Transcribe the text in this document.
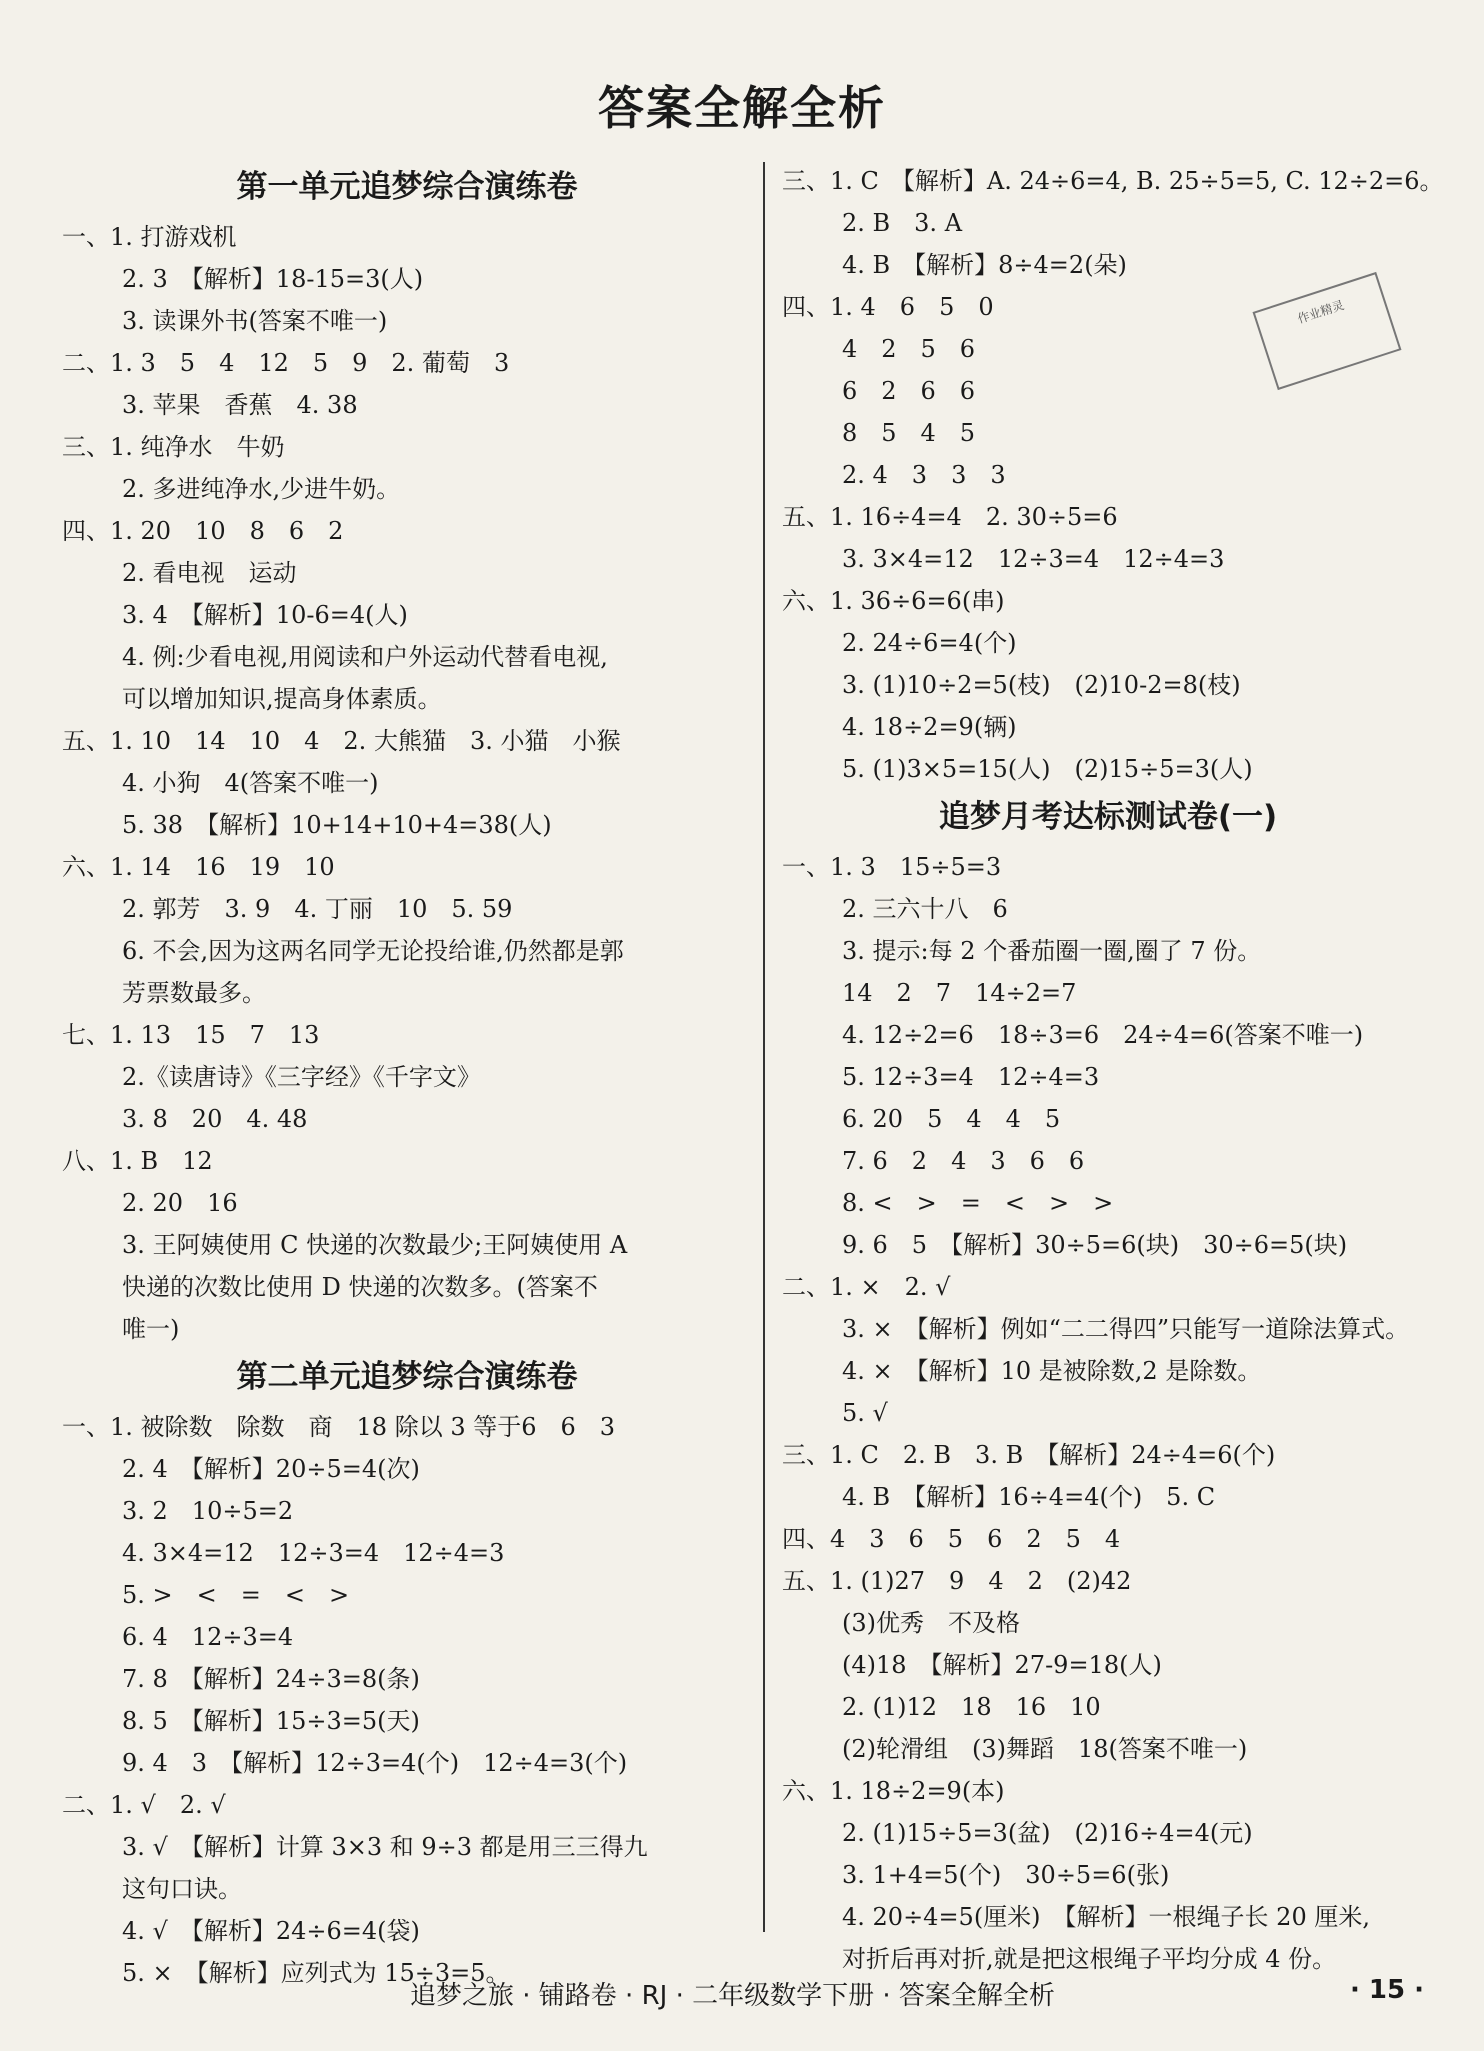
答案全解全析
第一单元追梦综合演练卷
一、1. 打游戏机
2. 3　【解析】18-15=3(人)
3. 读课外书(答案不唯一)
二、1. 3　5　4　12　5　9　2. 葡萄　3
3. 苹果　香蕉　4. 38
三、1. 纯净水　牛奶
2. 多进纯净水,少进牛奶。
四、1. 20　10　8　6　2
2. 看电视　运动
3. 4　【解析】10-6=4(人)
4. 例:少看电视,用阅读和户外运动代替看电视,
可以增加知识,提高身体素质。
五、1. 10　14　10　4　2. 大熊猫　3. 小猫　小猴
4. 小狗　4(答案不唯一)
5. 38　【解析】10+14+10+4=38(人)
六、1. 14　16　19　10
2. 郭芳　3. 9　4. 丁丽　10　5. 59
6. 不会,因为这两名同学无论投给谁,仍然都是郭
芳票数最多。
七、1. 13　15　7　13
2.《读唐诗》《三字经》《千字文》
3. 8　20　4. 48
八、1. B　12
2. 20　16
3. 王阿姨使用 C 快递的次数最少;王阿姨使用 A
快递的次数比使用 D 快递的次数多。(答案不
唯一)
第二单元追梦综合演练卷
一、1. 被除数　除数　商　18 除以 3 等于6　6　3
2. 4　【解析】20÷5=4(次)
3. 2　10÷5=2
4. 3×4=12　12÷3=4　12÷4=3
5. >　<　=　<　>
6. 4　12÷3=4
7. 8　【解析】24÷3=8(条)
8. 5　【解析】15÷3=5(天)
9. 4　3　【解析】12÷3=4(个)　12÷4=3(个)
二、1. √　2. √
3. √　【解析】计算 3×3 和 9÷3 都是用三三得九
这句口诀。
4. √　【解析】24÷6=4(袋)
5. ×　【解析】应列式为 15÷3=5。
三、1. C　【解析】A. 24÷6=4, B. 25÷5=5, C. 12÷2=6。
2. B　3. A
4. B　【解析】8÷4=2(朵)
四、1. 4　6　5　0
4　2　5　6
6　2　6　6
8　5　4　5
2. 4　3　3　3
五、1. 16÷4=4　2. 30÷5=6
3. 3×4=12　12÷3=4　12÷4=3
六、1. 36÷6=6(串)
2. 24÷6=4(个)
3. (1)10÷2=5(枝)　(2)10-2=8(枝)
4. 18÷2=9(辆)
5. (1)3×5=15(人)　(2)15÷5=3(人)
追梦月考达标测试卷(一)
一、1. 3　15÷5=3
2. 三六十八　6
3. 提示:每 2 个番茄圈一圈,圈了 7 份。
14　2　7　14÷2=7
4. 12÷2=6　18÷3=6　24÷4=6(答案不唯一)
5. 12÷3=4　12÷4=3
6. 20　5　4　4　5
7. 6　2　4　3　6　6
8. <　>　=　<　>　>
9. 6　5　【解析】30÷5=6(块)　30÷6=5(块)
二、1. ×　2. √
3. ×　【解析】例如“二二得四”只能写一道除法算式。
4. ×　【解析】10 是被除数,2 是除数。
5. √
三、1. C　2. B　3. B　【解析】24÷4=6(个)
4. B　【解析】16÷4=4(个)　5. C
四、4　3　6　5　6　2　5　4
五、1. (1)27　9　4　2　(2)42
(3)优秀　不及格
(4)18　【解析】27-9=18(人)
2. (1)12　18　16　10
(2)轮滑组　(3)舞蹈　18(答案不唯一)
六、1. 18÷2=9(本)
2. (1)15÷5=3(盆)　(2)16÷4=4(元)
3. 1+4=5(个)　30÷5=6(张)
4. 20÷4=5(厘米)　【解析】一根绳子长 20 厘米,
对折后再对折,就是把这根绳子平均分成 4 份。
作业精灵
追梦之旅 · 铺路卷 · RJ · 二年级数学下册 · 答案全解全析	· 15 ·
